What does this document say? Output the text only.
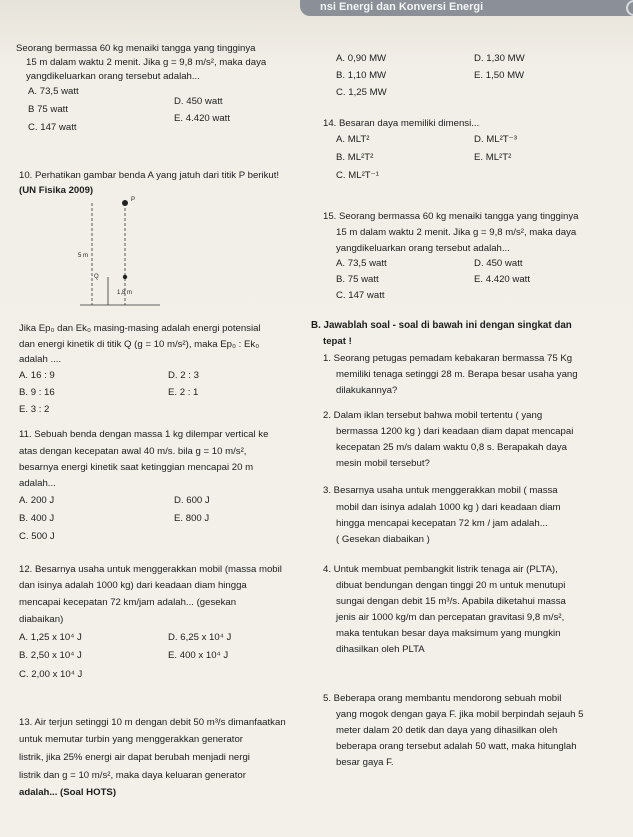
nsi Energi dan Konversi Energi
Seorang bermassa 60 kg menaiki tangga yang tingginya
15 m dalam waktu 2 menit. Jika g = 9,8 m/s², maka daya
yangdikeluarkan orang tersebut adalah...
A. 73,5 watt
B 75 watt
C. 147 watt
D. 450 watt
E. 4.420 watt
10. Perhatikan gambar benda A yang jatuh dari titik P berikut!
(UN Fisika 2009)
P
5 m
Q
1,8 m
Jika Ep₀ dan Ek₀ masing-masing adalah energi potensial
dan energi kinetik di titik Q (g = 10 m/s²), maka Ep₀ : Ek₀
adalah ....
A. 16 : 9
B. 9 : 16
E. 3 : 2
D. 2 : 3
E. 2 : 1
11. Sebuah benda dengan massa 1 kg dilempar vertical ke
atas dengan kecepatan awal 40 m/s. bila g = 10 m/s²,
besarnya energi kinetik saat ketinggian mencapai 20 m
adalah...
A. 200 J
B. 400 J
C. 500 J
D. 600 J
E. 800 J
12. Besarnya usaha untuk menggerakkan mobil (massa mobil
dan isinya adalah 1000 kg) dari keadaan diam hingga
mencapai kecepatan 72 km/jam adalah... (gesekan
diabaikan)
A. 1,25 x 10⁴ J
B. 2,50 x 10⁴ J
C. 2,00 x 10⁴ J
D. 6,25 x 10⁴ J
E. 400 x 10⁴ J
13. Air terjun setinggi 10 m dengan debit 50 m³/s dimanfaatkan
untuk memutar turbin yang menggerakkan generator
listrik, jika 25% energi air dapat berubah menjadi nergi
listrik dan g = 10 m/s², maka daya keluaran generator
adalah... (Soal HOTS)
A. 0,90 MW
B. 1,10 MW
C. 1,25 MW
D. 1,30 MW
E. 1,50 MW
14. Besaran daya memiliki dimensi...
A. MLT²
B. ML²T²
C. ML²T⁻¹
D. ML²T⁻³
E. ML²T²
15. Seorang bermassa 60 kg menaiki tangga yang tingginya
15 m dalam waktu 2 menit. Jika g = 9,8 m/s², maka daya
yangdikeluarkan orang tersebut adalah...
A. 73,5 watt
B. 75 watt
C. 147 watt
D. 450 watt
E. 4.420 watt
B. Jawablah soal - soal di bawah ini dengan singkat dan
tepat !
1. Seorang petugas pemadam kebakaran bermassa 75 Kg
memiliki tenaga setinggi 28 m. Berapa besar usaha yang
dilakukannya?
2. Dalam iklan tersebut bahwa mobil tertentu ( yang
bermassa 1200 kg ) dari keadaan diam dapat mencapai
kecepatan 25 m/s dalam waktu 0,8 s. Berapakah daya
mesin mobil tersebut?
3. Besarnya usaha untuk menggerakkan mobil ( massa
mobil dan isinya adalah 1000 kg ) dari keadaan diam
hingga mencapai kecepatan 72 km / jam adalah...
( Gesekan diabaikan )
4. Untuk membuat pembangkit listrik tenaga air (PLTA),
dibuat bendungan dengan tinggi 20 m untuk menutupi
sungai dengan debit 15 m³/s. Apabila diketahui massa
jenis air 1000 kg/m dan percepatan gravitasi 9,8 m/s²,
maka tentukan besar daya maksimum yang mungkin
dihasilkan oleh PLTA
5. Beberapa orang membantu mendorong sebuah mobil
yang mogok dengan gaya F. jika mobil berpindah sejauh 5
meter dalam 20 detik dan daya yang dihasilkan oleh
beberapa orang tersebut adalah 50 watt, maka hitunglah
besar gaya F.
